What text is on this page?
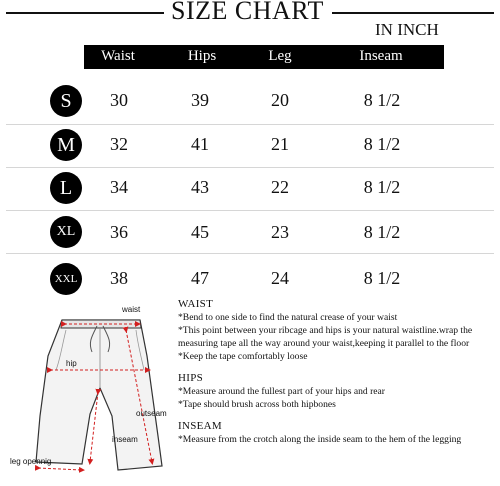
SIZE CHART
IN INCH
Waist	Hips	Leg	Inseam
S	30	39	20	8 1/2
M	32	41	21	8 1/2
L	34	43	22	8 1/2
XL	36	45	23	8 1/2
XXL 38	47	24	8 1/2
waist
hip
outseam
inseam
leg opennig
WAIST
*Bend to one side to find the natural crease of your waist
*This point between your ribcage and hips is your natural waistline.wrap the
measuring tape all the way around your waist,keeping it parallel to the floor
*Keep the tape comfortably loose
HIPS
*Measure around the fullest part of your hips and rear
*Tape should brush across both hipbones
INSEAM
*Measure from the crotch along the inside seam to the hem of the legging
